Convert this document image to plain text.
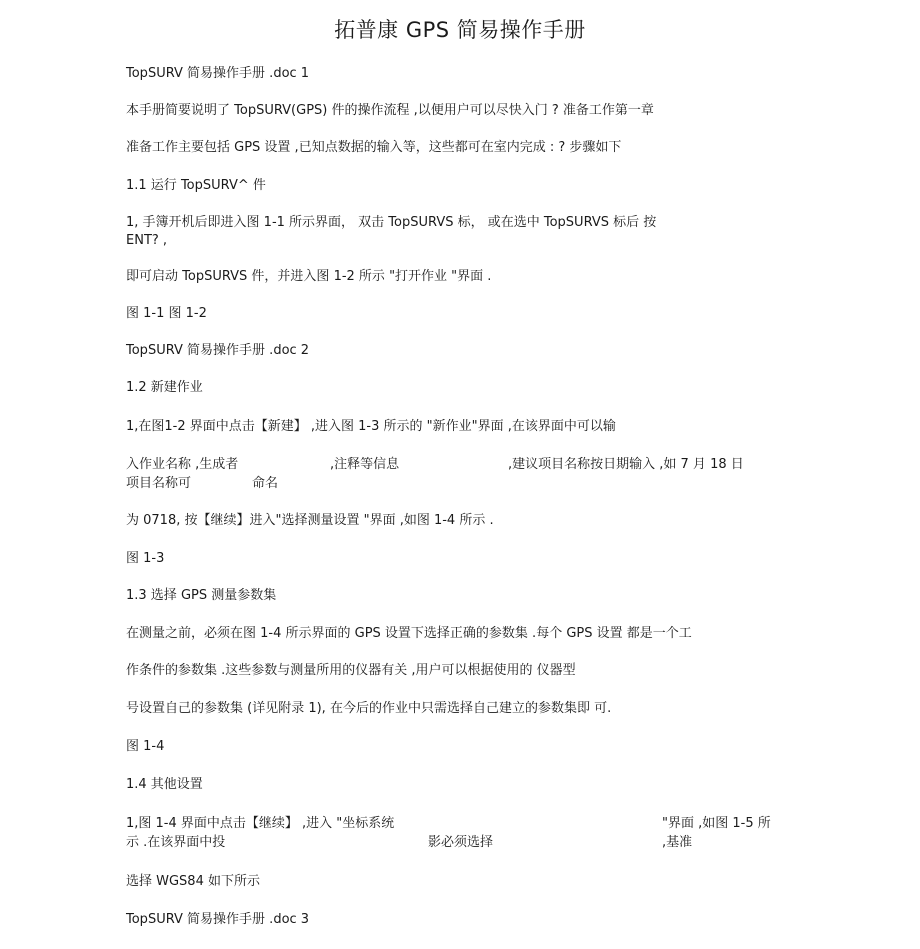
拓普康 GPS 简易操作手册
TopSURV 简易操作手册 .doc 1
本手册简要说明了 TopSURV(GPS) 件的操作流程 ,以便用户可以尽快入门 ? 准备工作第一章
准备工作主要包括 GPS 设置 ,已知点数据的输入等，这些都可在室内完成 : ? 步骤如下
1.1 运行 TopSURV^ 件
1, 手簿开机后即进入图 1-1 所示界面， 双击 TopSURVS 标， 或在选中 TopSURVS 标后 按
ENT? ,
即可启动 TopSURVS 件，并进入图 1-2 所示 "打开作业 "界面 .
图 1-1 图 1-2
TopSURV 简易操作手册 .doc 2
1.2 新建作业
1,在图1-2 界面中点击【新建】 ,进入图 1-3 所示的 "新作业"界面 ,在该界面中可以输
入作业名称 ,生成者	,注释等信息	,建议项目名称按日期输入 ,如 7 月 18 日
项目名称可	命名
为 0718, 按【继续】进入"选择测量设置 "界面 ,如图 1-4 所示 .
图 1-3
1.3 选择 GPS 测量参数集
在测量之前，必须在图 1-4 所示界面的 GPS 设置下选择正确的参数集 .每个 GPS 设置 都是一个工
作条件的参数集 .这些参数与测量所用的仪器有关 ,用户可以根据使用的 仪器型
号设置自己的参数集 (详见附录 1), 在今后的作业中只需选择自己建立的参数集即 可.
图 1-4
1.4 其他设置
1,图 1-4 界面中点击【继续】 ,进入 "坐标系统	"界面 ,如图 1-5 所
示 .在该界面中投	影必须选择	,基准
选择 WGS84 如下所示
TopSURV 简易操作手册 .doc 3
